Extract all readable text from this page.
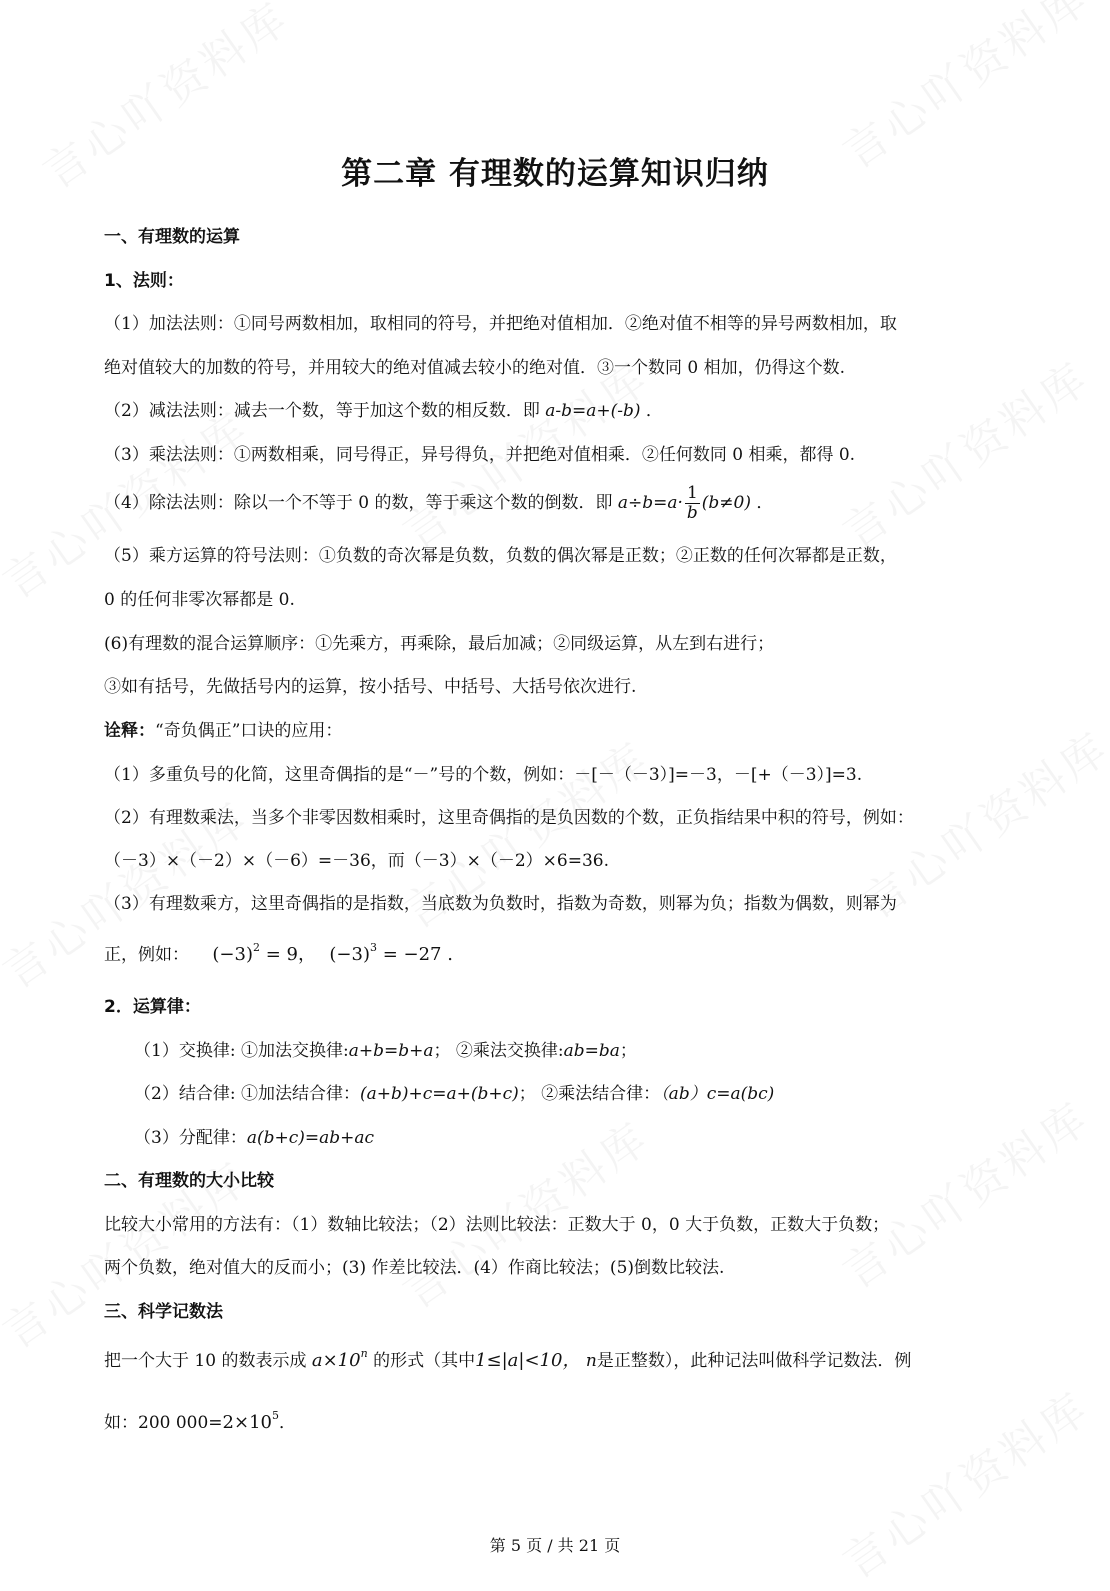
第二章 有理数的运算知识归纳
一、有理数的运算
1、法则：
（1）加法法则：①同号两数相加，取相同的符号，并把绝对值相加．②绝对值不相等的异号两数相加，取
绝对值较大的加数的符号，并用较大的绝对值减去较小的绝对值．③一个数同 0 相加，仍得这个数.
（2）减法法则：减去一个数，等于加这个数的相反数．即 a-b=a+(-b) ．
（3）乘法法则：①两数相乘，同号得正，异号得负，并把绝对值相乘．②任何数同 0 相乘，都得 0.
（4）除法法则：除以一个不等于 0 的数，等于乘这个数的倒数．即 $a\div b=a\cdot \frac{1}{b} (b\ne 0)$ ．
（5）乘方运算的符号法则：①负数的奇次幂是负数，负数的偶次幂是正数；②正数的任何次幂都是正数，
0 的任何非零次幂都是 0.
(6)有理数的混合运算顺序：①先乘方，再乘除，最后加减；②同级运算，从左到右进行；
③如有括号，先做括号内的运算，按小括号、中括号、大括号依次进行.
诠释：“奇负偶正”口诀的应用：
（1）多重负号的化简，这里奇偶指的是“－”号的个数，例如：－[－（－3）]=－3，－[+（－3）]=3.
（2）有理数乘法，当多个非零因数相乘时，这里奇偶指的是负因数的个数，正负指结果中积的符号，例如：
（－3）×（－2）×（－6）=－36，而（－3）×（－2）×6=36.
（3）有理数乘方，这里奇偶指的是指数，当底数为负数时，指数为奇数，则幂为负；指数为偶数，则幂为
正，例如： $(-3)^2 = 9$， $(-3)^3 = -27$ .
2．运算律：
（1）交换律: ①加法交换律:a+b=b+a； ②乘法交换律:ab=ba；
（2）结合律: ①加法结合律：(a+b)+c=a+(b+c)； ②乘法结合律：（ab）c=a(bc)
（3）分配律：a(b+c)=ab+ac
二、有理数的大小比较
比较大小常用的方法有：（1）数轴比较法；（2）法则比较法：正数大于 0，0 大于负数，正数大于负数；
两个负数，绝对值大的反而小；(3) 作差比较法．(4）作商比较法；(5)倒数比较法.
三、科学记数法
把一个大于 10 的数表示成 $a\times 10^n$ 的形式（其中1≤|a|<10， n是正整数），此种记法叫做科学记数法．例
如：200 $000=2\times 10^5$．
第 5 页 / 共 21 页
